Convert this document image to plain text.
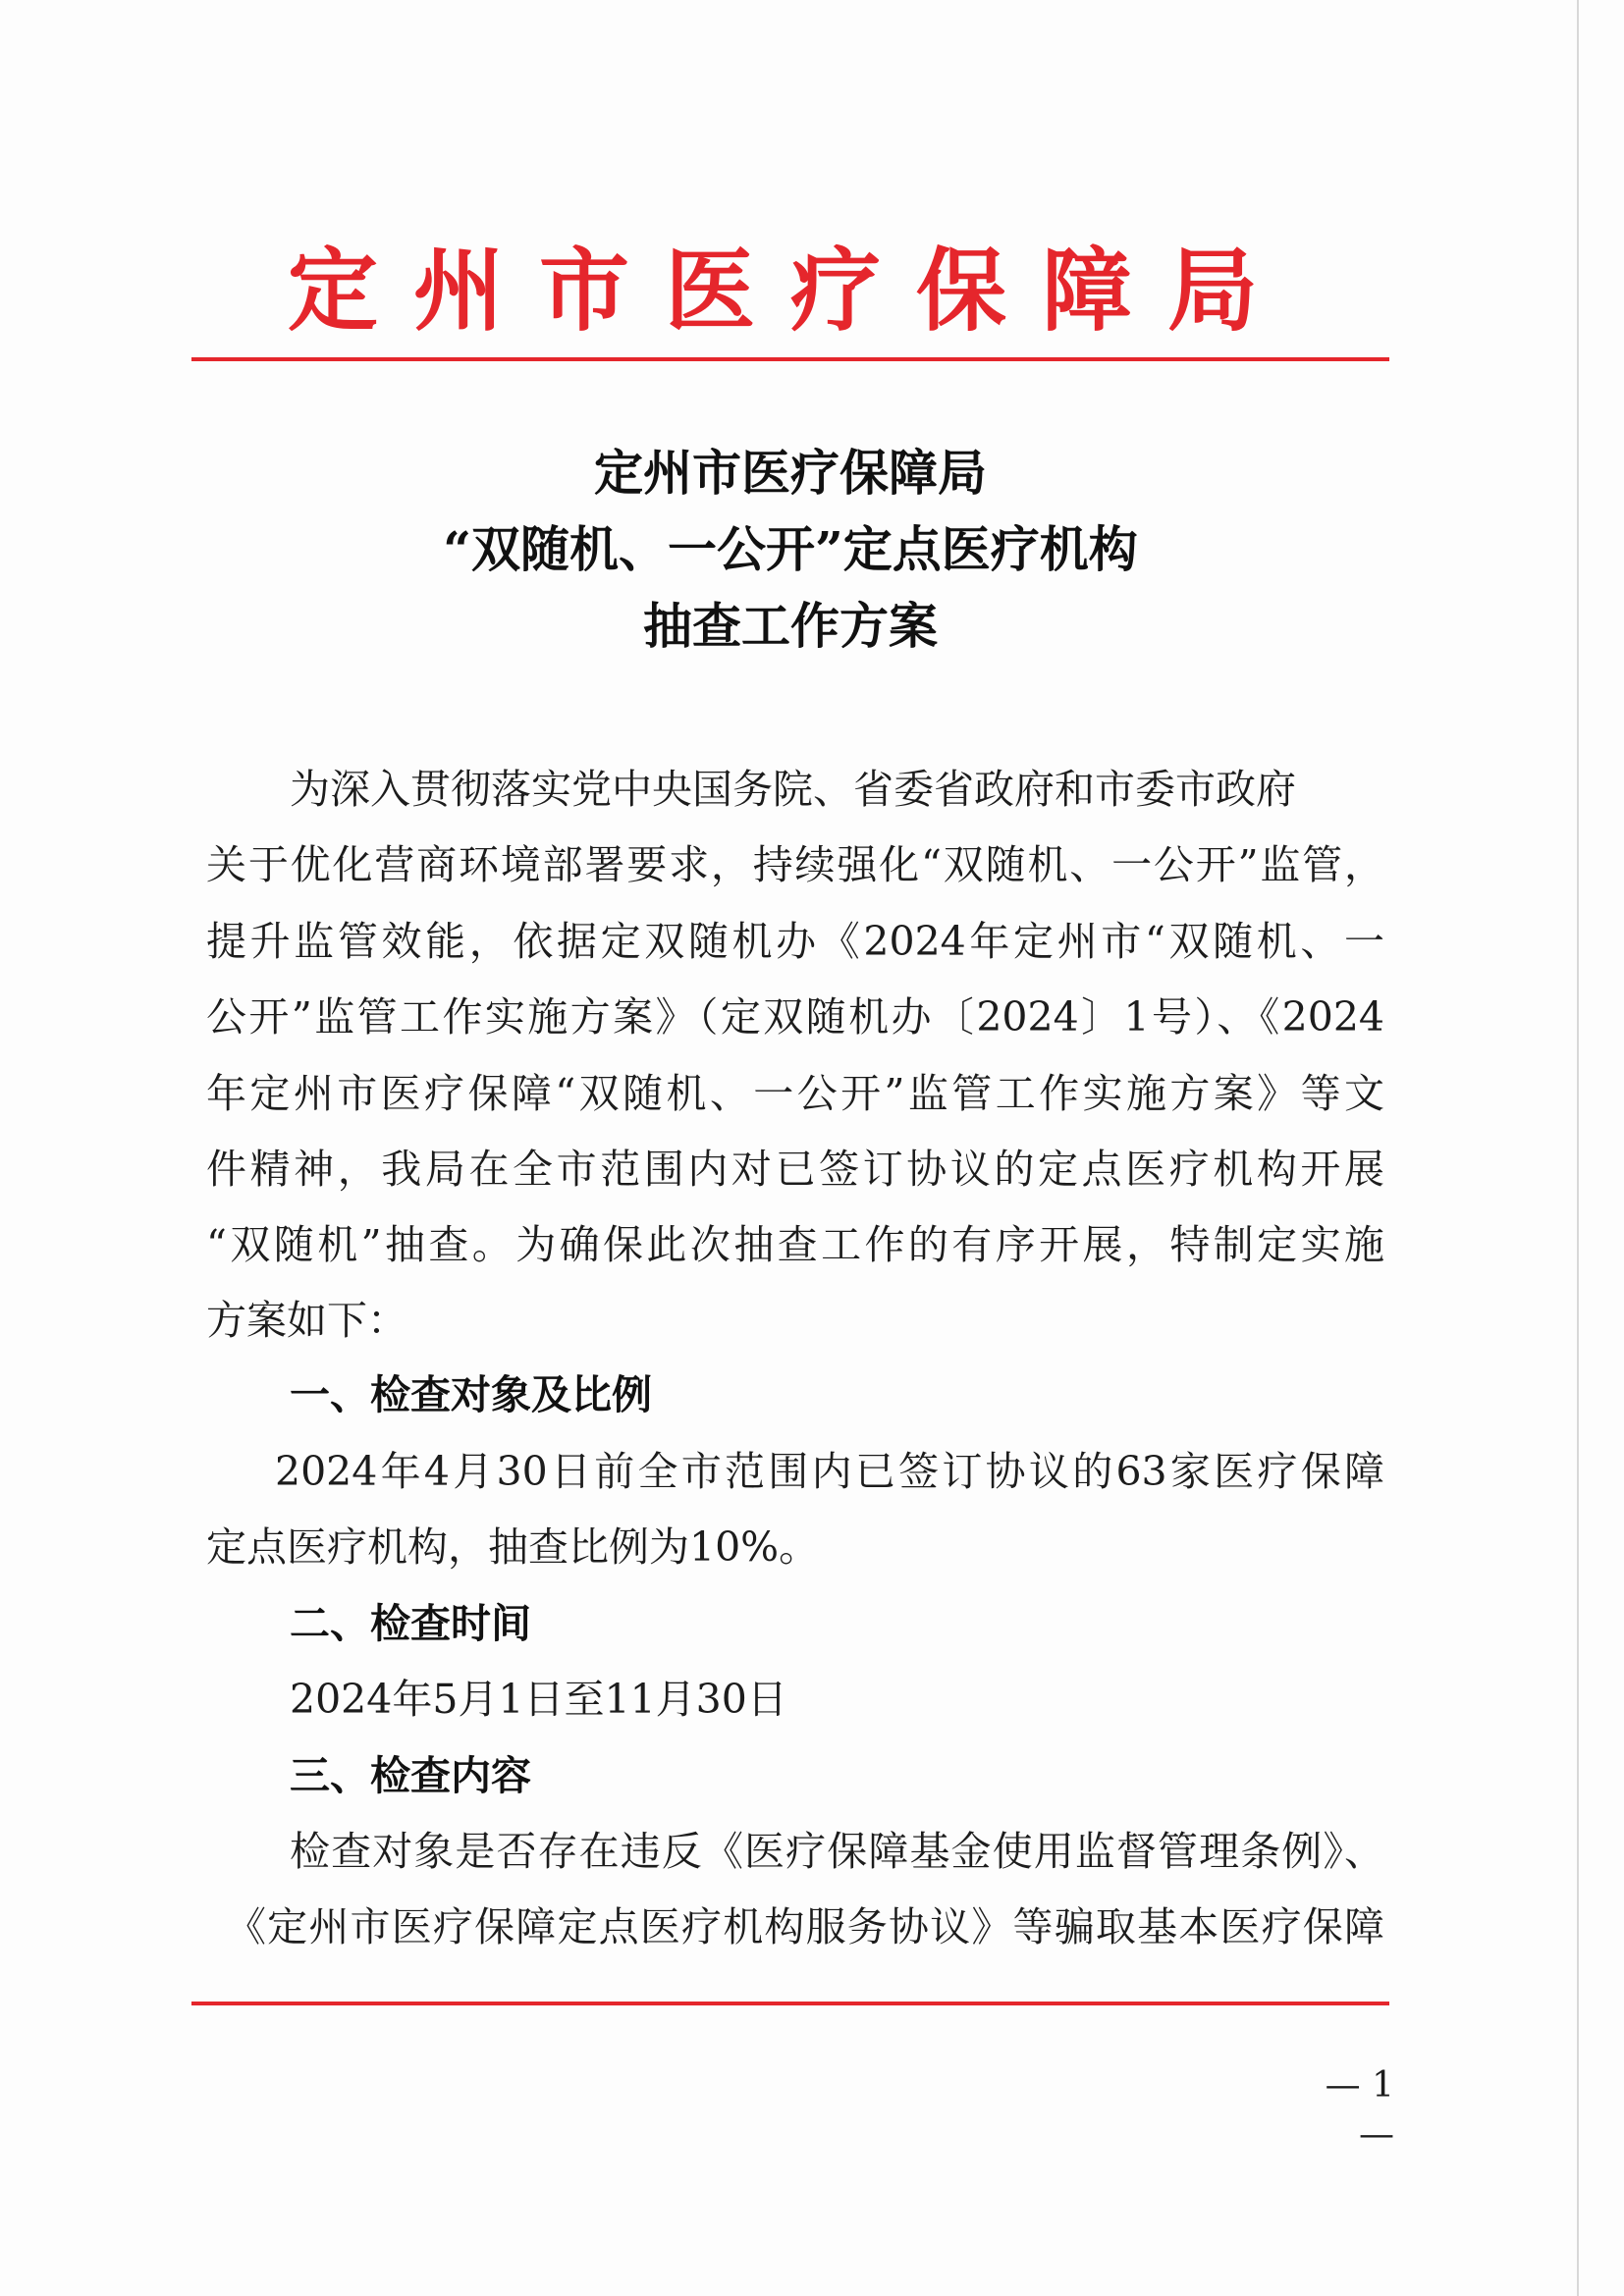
定州市医疗保障局
定州市医疗保障局
“双随机、一公开”定点医疗机构
抽查工作方案
为深入贯彻落实党中央国务院、省委省政府和市委市政府
关于优化营商环境部署要求，持续强化“双随机、一公开”监管，
提升监管效能，依据定双随机办《2024年定州市“双随机、一
公开”监管工作实施方案》（定双随机办〔2024〕1号）、《2024
年定州市医疗保障“双随机、一公开”监管工作实施方案》等文
件精神，我局在全市范围内对已签订协议的定点医疗机构开展
“双随机”抽查。为确保此次抽查工作的有序开展，特制定实施
方案如下：
一、检查对象及比例
2024年4月30日前全市范围内已签订协议的63家医疗保障
定点医疗机构，抽查比例为10%。
二、检查时间
2024年5月1日至11月30日
三、检查内容
检查对象是否存在违反《医疗保障基金使用监督管理条例》、
《定州市医疗保障定点医疗机构服务协议》等骗取基本医疗保障
— 1 —
